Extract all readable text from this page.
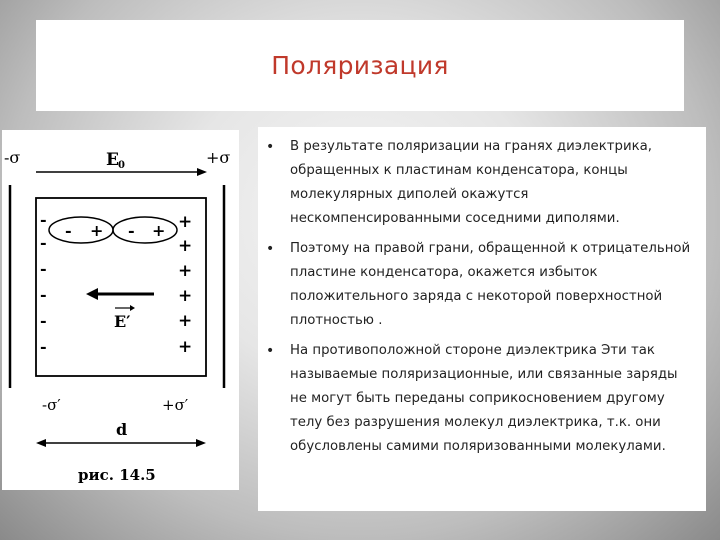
Поляризация
-σ	+σ
E 0
- + - +
-
-
-
-
-
-
+
+
+
+
+
+
E′
-σ′	+σ′
d
рис. 14.5
• В результате поляризации на гранях диэлектрика, обращенных к пластинам конденсатора, концы молекулярных диполей окажутся нескомпенсированными соседними диполями.
• Поэтому на правой грани, обращенной к отрицательной пластине конденсатора, окажется избыток положительного заряда с некоторой поверхностной плотностью .
• На противоположной стороне диэлектрика Эти так называемые поляризационные, или связанные заряды не могут быть переданы соприкосновением другому телу без разрушения молекул диэлектрика, т.к. они обусловлены самими поляризованными молекулами.
